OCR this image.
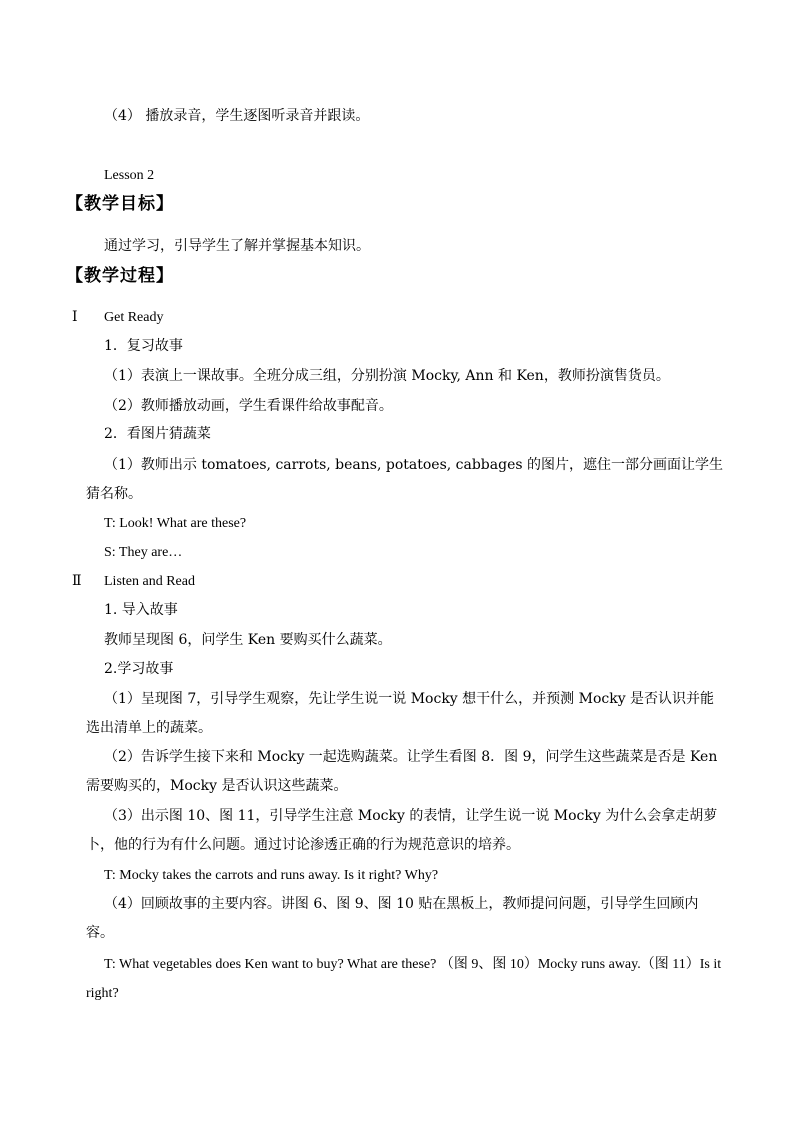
（4） 播放录音，学生逐图听录音并跟读。
Lesson 2
【教学目标】
通过学习，引导学生了解并掌握基本知识。
【教学过程】
Ⅰ Get Ready
1．复习故事
（1）表演上一课故事。全班分成三组，分别扮演 Mocky, Ann 和 Ken，教师扮演售货员。
（2）教师播放动画，学生看课件给故事配音。
2．看图片猜蔬菜

（1）教师出示 tomatoes, carrots, beans, potatoes, cabbages 的图片，遮住一部分画面让学生猜名称。

T: Look! What are these?
S: They are…
Ⅱ Listen and Read
1. 导入故事
教师呈现图 6，问学生 Ken 要购买什么蔬菜。
2.学习故事

（1）呈现图 7，引导学生观察，先让学生说一说 Mocky 想干什么，并预测 Mocky 是否认识并能选出清单上的蔬菜。

（2）告诉学生接下来和 Mocky 一起选购蔬菜。让学生看图 8．图 9，问学生这些蔬菜是否是 Ken 需要购买的，Mocky 是否认识这些蔬菜。

（3）出示图 10、图 11，引导学生注意 Mocky 的表情，让学生说一说 Mocky 为什么会拿走胡萝卜，他的行为有什么问题。通过讨论渗透正确的行为规范意识的培养。

T: Mocky takes the carrots and runs away. Is it right? Why?

（4）回顾故事的主要内容。讲图 6、图 9、图 10 贴在黑板上，教师提问问题，引导学生回顾内容。

T: What vegetables does Ken want to buy? What are these? （图 9、图 10）Mocky runs away.（图 11）Is it right?
